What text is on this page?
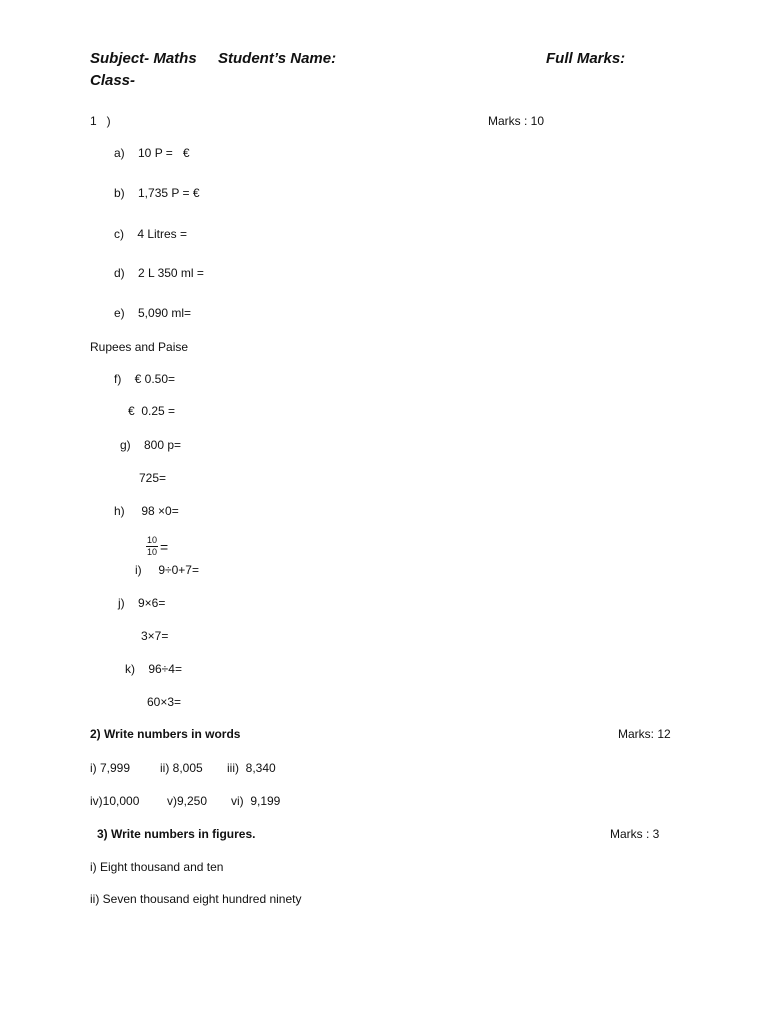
Subject- Maths Student’s Name:	Full Marks:
Class-
1   )	Marks : 10
a)    10 P =   €
b)    1,735 P = €
c)    4 Litres =
d)    2 L 350 ml =
e)    5,090 ml=
Rupees and Paise
f)    € 0.50=
€  0.25 =
g)    800 p=
725=
h)     98 ×0=
$\frac{10}{10}$ =
i)     9÷0+7=
j)    9×6=
3×7=
k)    96÷4=
60×3=
2) Write numbers in words	Marks: 12
i) 7,999 ii) 8,005 iii)  8,340
iv)10,000 v)9,250 vi)  9,199
3) Write numbers in figures.	Marks : 3
i) Eight thousand and ten
ii) Seven thousand eight hundred ninety
